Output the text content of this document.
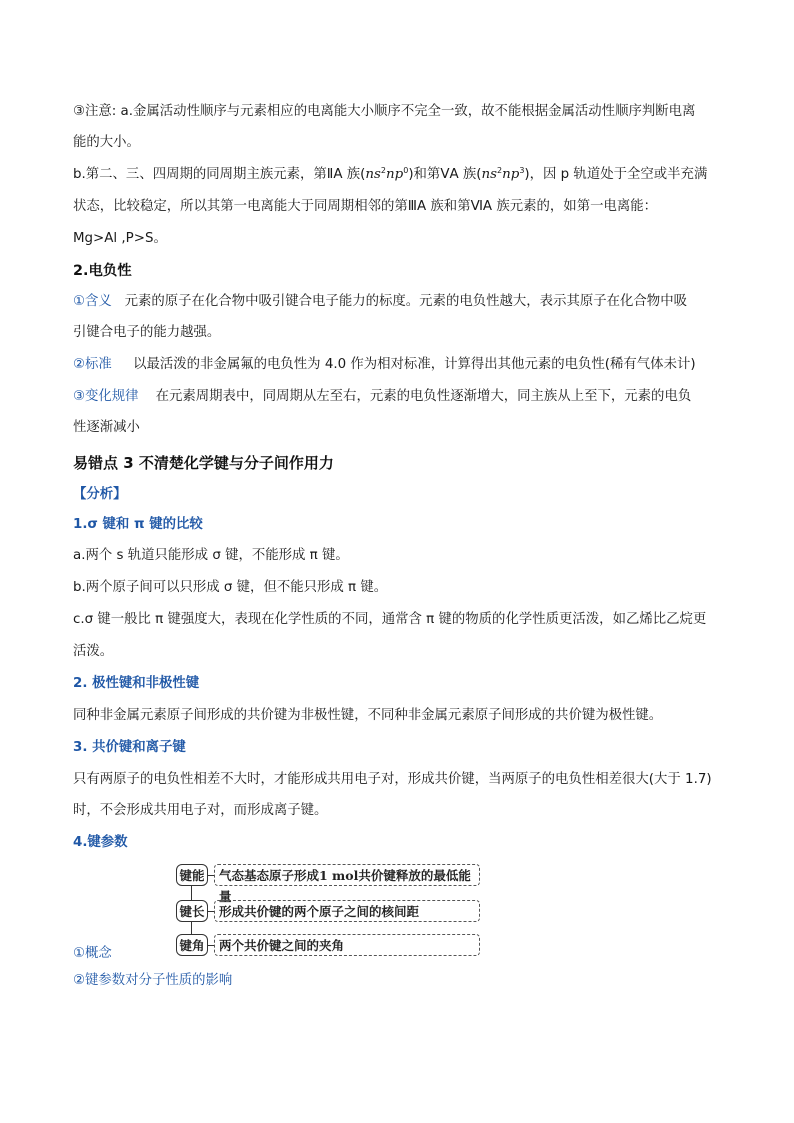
③注意: a.金属活动性顺序与元素相应的电离能大小顺序不完全一致，故不能根据金属活动性顺序判断电离
能的大小。
b.第二、三、四周期的同周期主族元素，第ⅡA 族$(ns^2np^0)$和第ⅤA 族$(ns^2np^3)$，因 p 轨道处于全空或半充满
状态，比较稳定，所以其第一电离能大于同周期相邻的第ⅢA 族和第ⅥA 族元素的，如第一电离能：
Mg>Al ,P>S。
2.电负性
①含义 元素的原子在化合物中吸引键合电子能力的标度。元素的电负性越大，表示其原子在化合物中吸
引键合电子的能力越强。
②标准 以最活泼的非金属氟的电负性为 4.0 作为相对标准，计算得出其他元素的电负性(稀有气体未计)
③变化规律 在元素周期表中，同周期从左至右，元素的电负性逐渐增大，同主族从上至下，元素的电负
性逐渐减小
易错点 3 不清楚化学键与分子间作用力
【分析】
1.σ 键和 π 键的比较
a.两个 s 轨道只能形成 σ 键，不能形成 π 键。
b.两个原子间可以只形成 σ 键，但不能只形成 π 键。
c.σ 键一般比 π 键强度大，表现在化学性质的不同，通常含 π 键的物质的化学性质更活泼，如乙烯比乙烷更
活泼。
2. 极性键和非极性键
同种非金属元素原子间形成的共价键为非极性键，不同种非金属元素原子间形成的共价键为极性键。
3. 共价键和离子键
只有两原子的电负性相差不大时，才能形成共用电子对，形成共价键，当两原子的电负性相差很大(大于 1.7)
时，不会形成共用电子对，而形成离子键。
4.键参数
键能	气态基态原子形成1 mol共价键释放的最低能量
键长	形成共价键的两个原子之间的核间距
键角	两个共价键之间的夹角
①概念
②键参数对分子性质的影响
